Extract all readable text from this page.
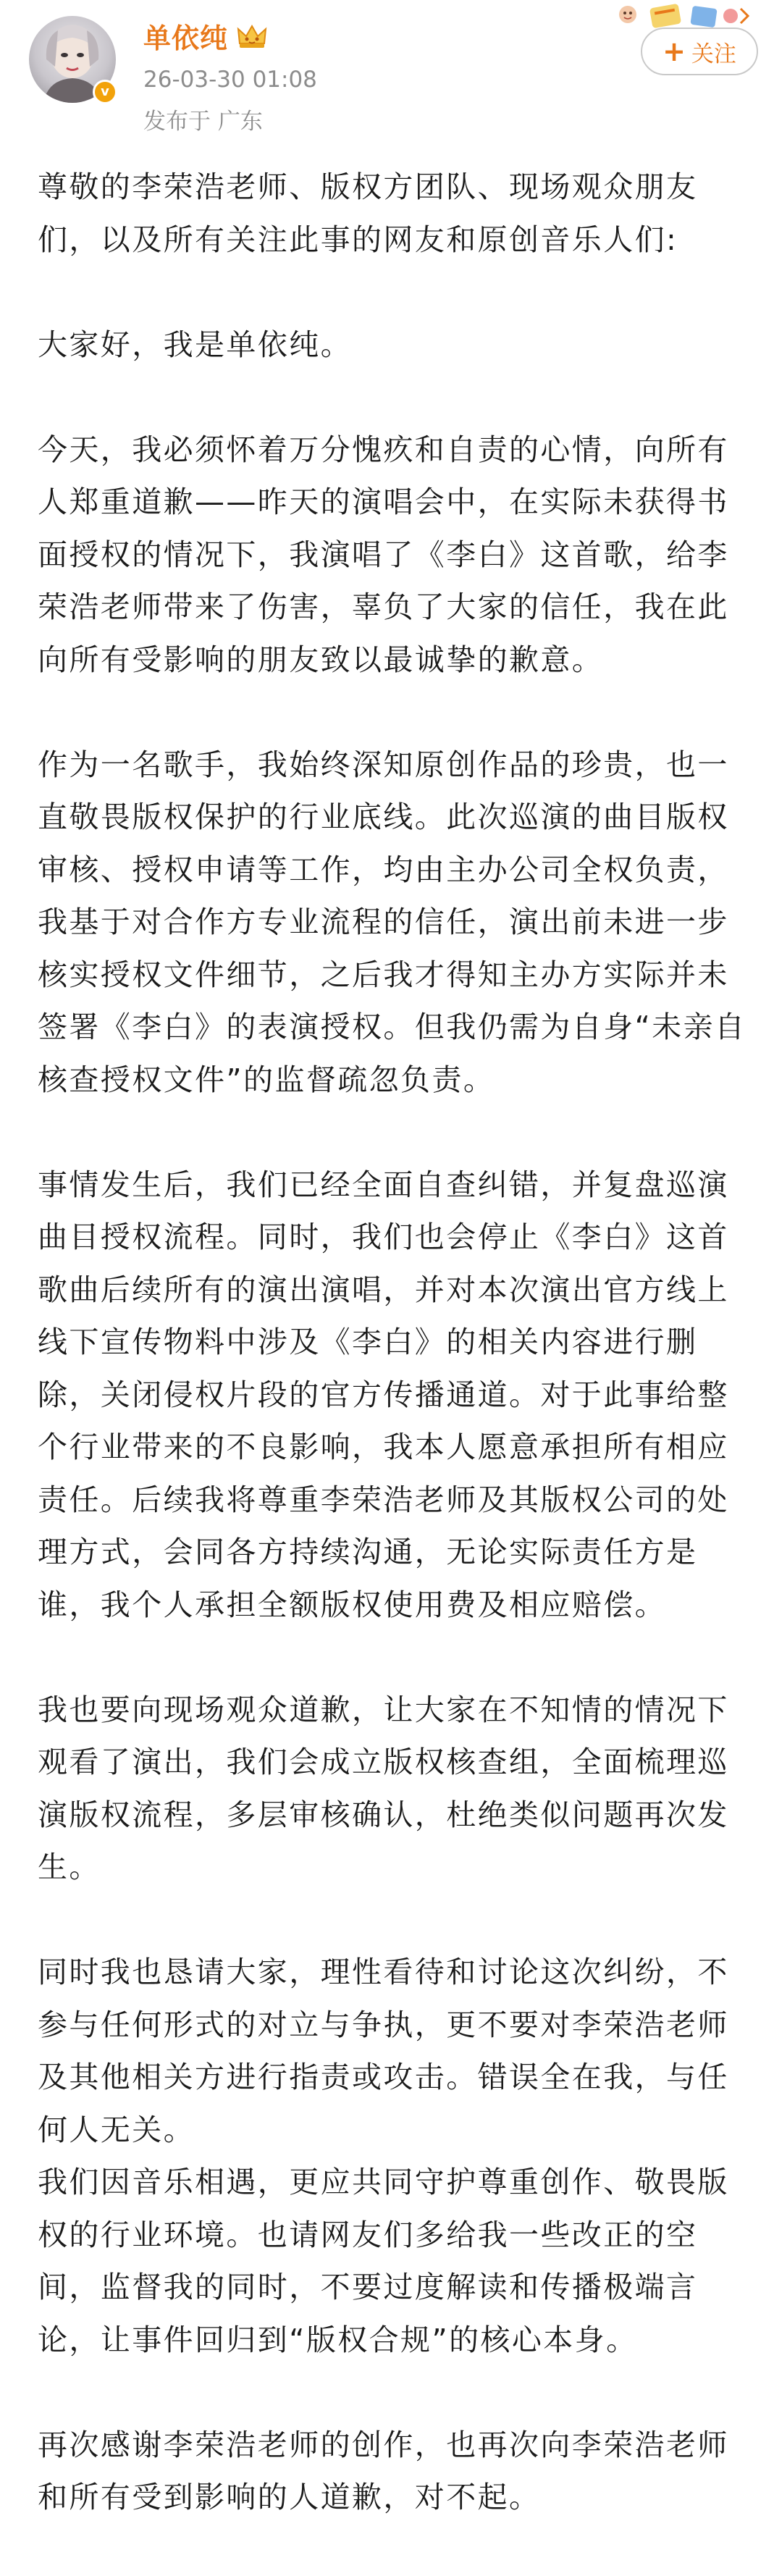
v
单依纯
26-03-30 01:08
发布于 广东
+ 关注

尊敬的李荣浩老师、版权方团队、现场观众朋友们，以及所有关注此事的网友和原创音乐人们:

大家好，我是单依纯。

今天，我必须怀着万分愧疚和自责的心情，向所有人郑重道歉——昨天的演唱会中，在实际未获得书面授权的情况下，我演唱了《李白》这首歌，给李荣浩老师带来了伤害，辜负了大家的信任，我在此向所有受影响的朋友致以最诚挚的歉意。

作为一名歌手，我始终深知原创作品的珍贵，也一直敬畏版权保护的行业底线。此次巡演的曲目版权审核、授权申请等工作，均由主办公司全权负责，我基于对合作方专业流程的信任，演出前未进一步核实授权文件细节，之后我才得知主办方实际并未签署《李白》的表演授权。但我仍需为自身“未亲自核查授权文件”的监督疏忽负责。

事情发生后，我们已经全面自查纠错，并复盘巡演曲目授权流程。同时，我们也会停止《李白》这首歌曲后续所有的演出演唱，并对本次演出官方线上线下宣传物料中涉及《李白》的相关内容进行删除，关闭侵权片段的官方传播通道。对于此事给整个行业带来的不良影响，我本人愿意承担所有相应责任。后续我将尊重李荣浩老师及其版权公司的处理方式，会同各方持续沟通，无论实际责任方是谁，我个人承担全额版权使用费及相应赔偿。

我也要向现场观众道歉，让大家在不知情的情况下观看了演出，我们会成立版权核查组，全面梳理巡演版权流程，多层审核确认，杜绝类似问题再次发生。

同时我也恳请大家，理性看待和讨论这次纠纷，不参与任何形式的对立与争执，更不要对李荣浩老师及其他相关方进行指责或攻击。错误全在我，与任何人无关。

我们因音乐相遇，更应共同守护尊重创作、敬畏版权的行业环境。也请网友们多给我一些改正的空间，监督我的同时，不要过度解读和传播极端言论，让事件回归到“版权合规”的核心本身。

再次感谢李荣浩老师的创作，也再次向李荣浩老师和所有受到影响的人道歉，对不起。
